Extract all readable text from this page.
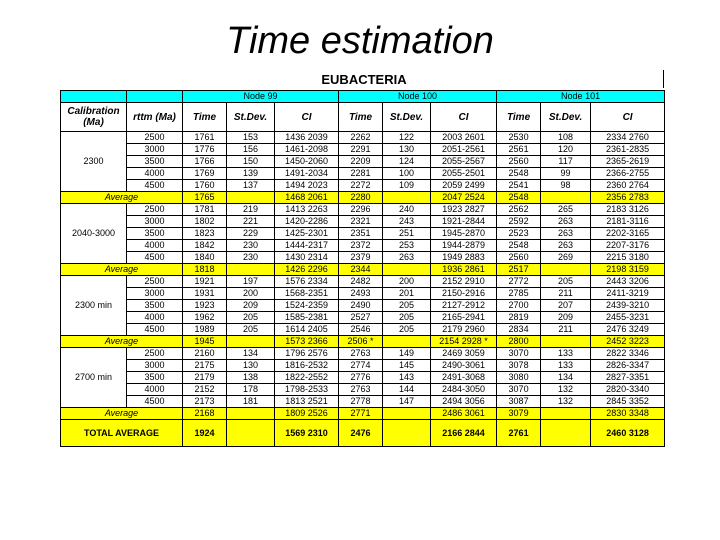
Time estimation
EUBACTERIA
		Node 99			Node 100			Node 101		
Calibration (Ma)	rttm (Ma)	Time	St.Dev.	CI	Time	St.Dev.	CI	Time	St.Dev.	CI
2300	2500	1761	153	1436 2039	2262	122	2003 2601	2530	108	2334 2760
	3000	1776	156	1461-2098	2291	130	2051-2561	2561	120	2361-2835
	3500	1766	150	1450-2060	2209	124	2055-2567	2560	117	2365-2619
	4000	1769	139	1491-2034	2281	100	2055-2501	2548	99	2366-2755
	4500	1760	137	1494 2023	2272	109	2059 2499	2541	98	2360 2764
Average		1765		1468 2061	2280		2047 2524	2548		2356 2783
2040-3000	2500	1781	219	1413 2263	2296	240	1923 2827	2562	265	2183 3126
	3000	1802	221	1420-2286	2321	243	1921-2844	2592	263	2181-3116
	3500	1823	229	1425-2301	2351	251	1945-2870	2523	263	2202-3165
	4000	1842	230	1444-2317	2372	253	1944-2879	2548	263	2207-3176
	4500	1840	230	1430 2314	2379	263	1949 2883	2560	269	2215 3180
Average		1818		1426 2296	2344		1936 2861	2517		2198 3159
2300 min	2500	1921	197	1576 2334	2482	200	2152 2910	2772	205	2443 3206
	3000	1931	200	1568-2351	2493	201	2150-2916	2785	211	2411-3219
	3500	1923	209	1524-2359	2490	205	2127-2912	2700	207	2439-3210
	4000	1962	205	1585-2381	2527	205	2165-2941	2819	209	2455-3231
	4500	1989	205	1614 2405	2546	205	2179 2960	2834	211	2476 3249
Average		1945		1573 2366	2506 *		2154 2928 *	2800		2452 3223
2700 min	2500	2160	134	1796 2576	2763	149	2469 3059	3070	133	2822 3346
	3000	2175	130	1816-2532	2774	145	2490-3061	3078	133	2826-3347
	3500	2179	138	1822-2552	2776	143	2491-3068	3080	134	2827-3351
	4000	2152	178	1798-2533	2763	144	2484-3050	3070	132	2820-3340
	4500	2173	181	1813 2521	2778	147	2494 3056	3087	132	2845 3352
Average		2168		1809 2526	2771		2486 3061	3079		2830 3348
TOTAL AVERAGE		1924		1569 2310	2476		2166 2844	2761		2460 3128
